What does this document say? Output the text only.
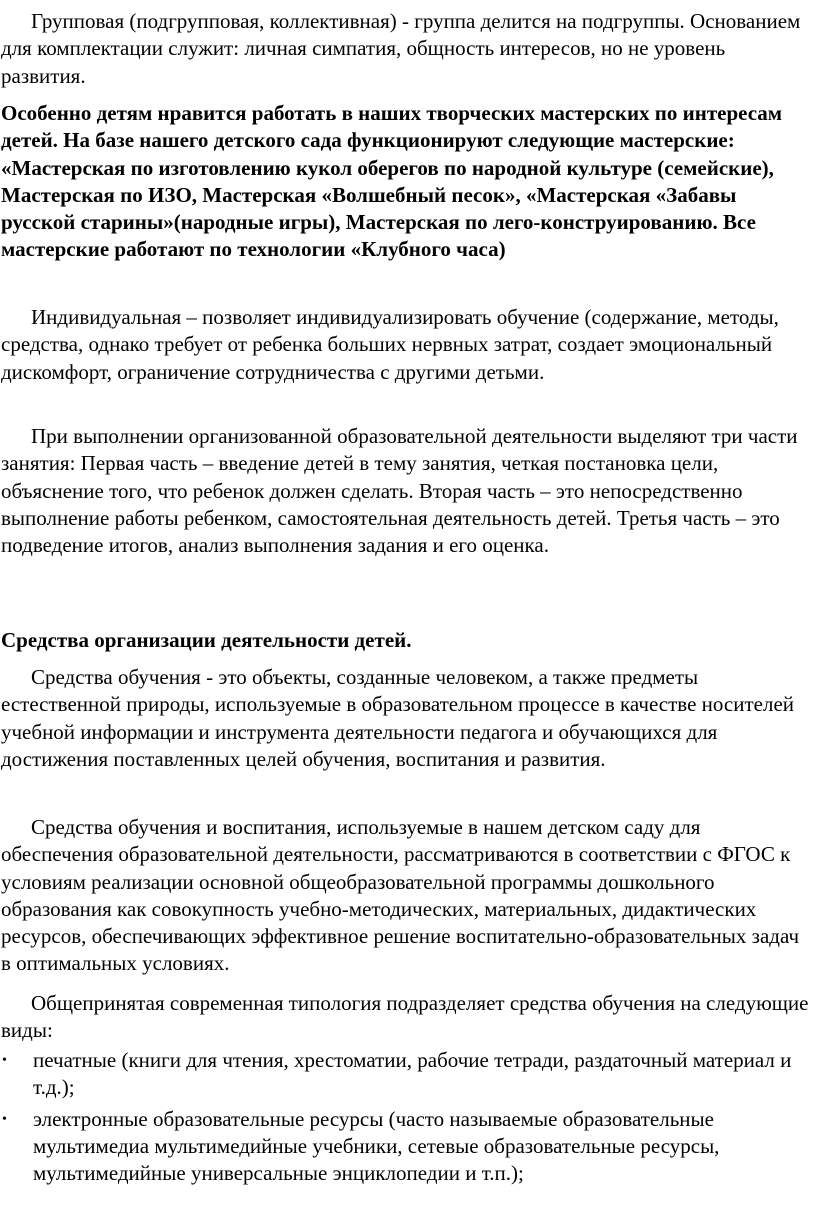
Групповая (подгрупповая, коллективная) - группа делится на подгруппы. Основанием для комплектации служит: личная симпатия, общность интересов, но не уровень развития.

Особенно детям нравится работать в наших творческих мастерских по интересам детей. На базе нашего детского сада функционируют следующие мастерские: «Мастерская по изготовлению кукол оберегов по народной культуре (семейские), Мастерская по ИЗО, Мастерская «Волшебный песок», «Мастерская «Забавы русской старины»(народные игры), Мастерская по лего-конструированию. Все мастерские работают по технологии «Клубного часа)

Индивидуальная – позволяет индивидуализировать обучение (содержание, методы, средства, однако требует от ребенка больших нервных затрат, создает эмоциональный дискомфорт, ограничение сотрудничества с другими детьми.

При выполнении организованной образовательной деятельности выделяют три части занятия: Первая часть – введение детей в тему занятия, четкая постановка цели, объяснение того, что ребенок должен сделать. Вторая часть – это непосредственно выполнение работы ребенком, самостоятельная деятельность детей. Третья часть – это подведение итогов, анализ выполнения задания и его оценка.

Средства организации деятельности детей.

Средства обучения - это объекты, созданные человеком, а также предметы естественной природы, используемые в образовательном процессе в качестве носителей учебной информации и инструмента деятельности педагога и обучающихся для достижения поставленных целей обучения, воспитания и развития.

Средства обучения и воспитания, используемые в нашем детском саду для обеспечения образовательной деятельности, рассматриваются в соответствии с ФГОС к условиям реализации основной общеобразовательной программы дошкольного образования как совокупность учебно-методических, материальных, дидактических ресурсов, обеспечивающих эффективное решение воспитательно-образовательных задач в оптимальных условиях.

Общепринятая современная типология подразделяет средства обучения на следующие виды:

• печатные (книги для чтения, хрестоматии, рабочие тетради, раздаточный материал и т.д.);
• электронные образовательные ресурсы (часто называемые образовательные мультимедиа мультимедийные учебники, сетевые образовательные ресурсы, мультимедийные универсальные энциклопедии и т.п.);
